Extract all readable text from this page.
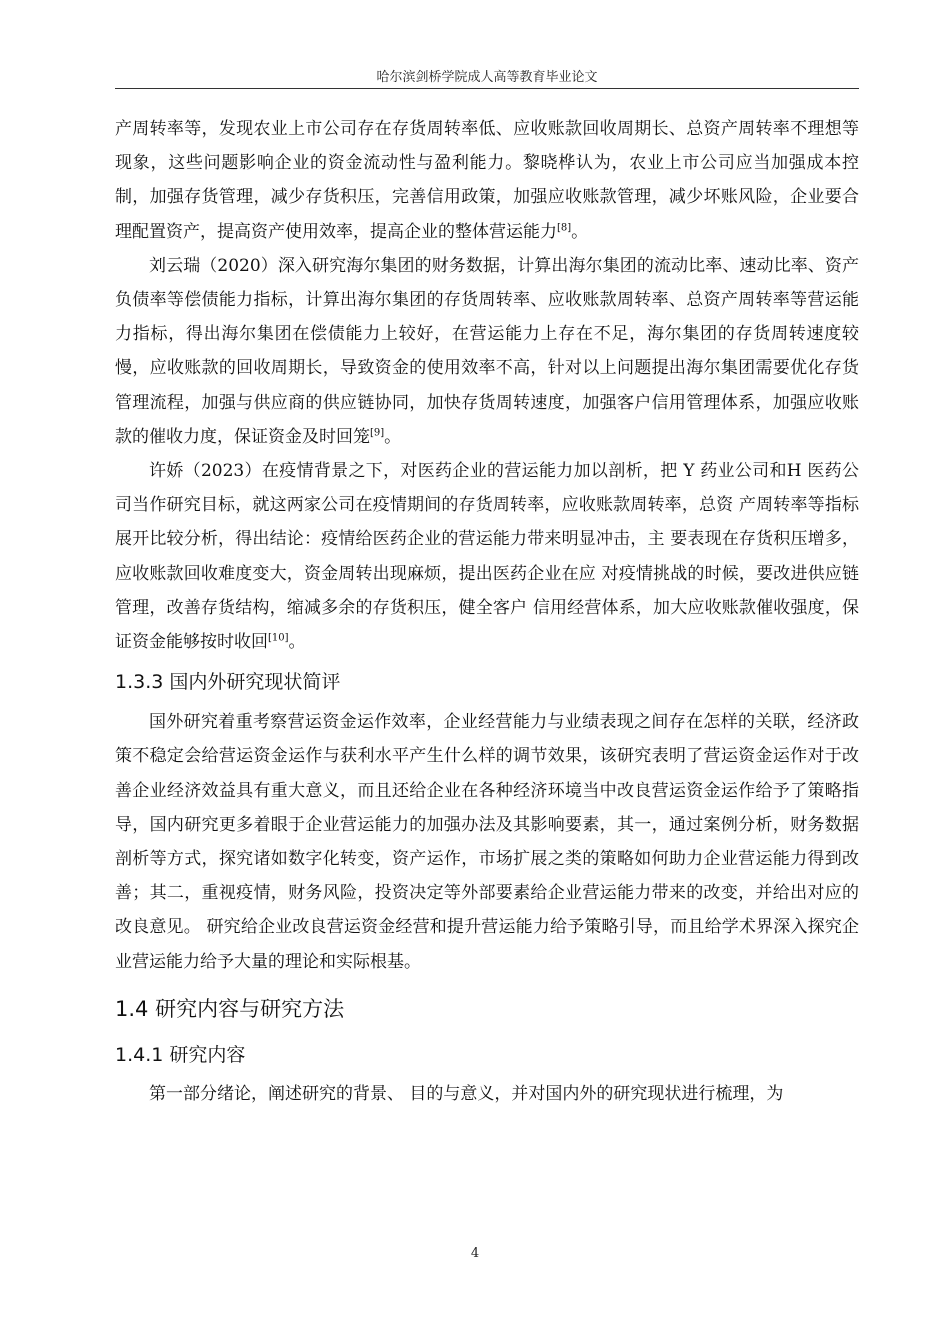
哈尔滨剑桥学院成人高等教育毕业论文

产周转率等，发现农业上市公司存在存货周转率低、应收账款回收周期长、总资产周转率不理想等现象，这些问题影响企业的资金流动性与盈利能力。黎晓桦认为，农业上市公司应当加强成本控制，加强存货管理，减少存货积压，完善信用政策，加强应收账款管理，减少坏账风险，企业要合理配置资产，提高资产使用效率，提高企业的整体营运能力[8]。

刘云瑞（2020）深入研究海尔集团的财务数据，计算出海尔集团的流动比率、速动比率、资产负债率等偿债能力指标，计算出海尔集团的存货周转率、应收账款周转率、总资产周转率等营运能力指标，得出海尔集团在偿债能力上较好，在营运能力上存在不足，海尔集团的存货周转速度较慢，应收账款的回收周期长，导致资金的使用效率不高，针对以上问题提出海尔集团需要优化存货管理流程，加强与供应商的供应链协同，加快存货周转速度，加强客户信用管理体系，加强应收账款的催收力度，保证资金及时回笼[9]。

许娇（2023）在疫情背景之下，对医药企业的营运能力加以剖析，把 Y 药业公司和H 医药公司当作研究目标，就这两家公司在疫情期间的存货周转率，应收账款周转率，总资 产周转率等指标展开比较分析，得出结论：疫情给医药企业的营运能力带来明显冲击，主 要表现在存货积压增多，应收账款回收难度变大，资金周转出现麻烦，提出医药企业在应 对疫情挑战的时候，要改进供应链管理，改善存货结构，缩减多余的存货积压，健全客户 信用经营体系，加大应收账款催收强度，保证资金能够按时收回[10]。

1.3.3 国内外研究现状简评

国外研究着重考察营运资金运作效率，企业经营能力与业绩表现之间存在怎样的关联，经济政策不稳定会给营运资金运作与获利水平产生什么样的调节效果，该研究表明了营运资金运作对于改善企业经济效益具有重大意义，而且还给企业在各种经济环境当中改良营运资金运作给予了策略指导，国内研究更多着眼于企业营运能力的加强办法及其影响要素，其一，通过案例分析，财务数据剖析等方式，探究诸如数字化转变，资产运作，市场扩展之类的策略如何助力企业营运能力得到改善；其二，重视疫情，财务风险，投资决定等外部要素给企业营运能力带来的改变，并给出对应的改良意见。 研究给企业改良营运资金经营和提升营运能力给予策略引导，而且给学术界深入探究企业营运能力给予大量的理论和实际根基。

1.4 研究内容与研究方法
1.4.1 研究内容

第一部分绪论，阐述研究的背景、 目的与意义，并对国内外的研究现状进行梳理，为

4
